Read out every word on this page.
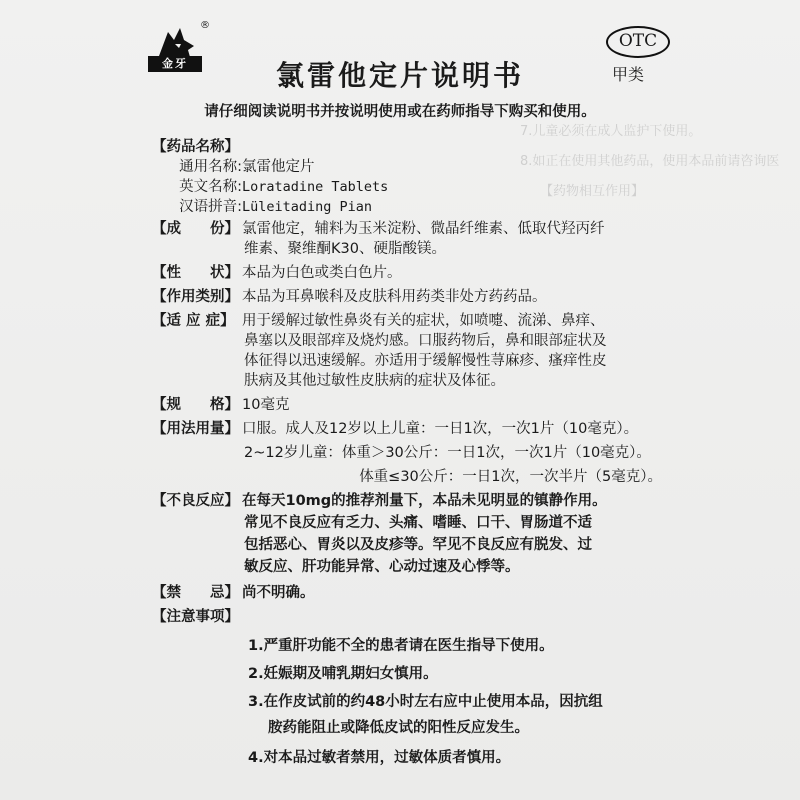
7.儿童必须在成人监护下使用。
8.如正在使用其他药品，使用本品前请咨询医
【药物相互作用】
金牙
®
OTC
甲类
氯雷他定片说明书
请仔细阅读说明书并按说明使用或在药师指导下购买和使用。
【药品名称】
通用名称: 氯雷他定片
英文名称: Loratadine Tablets
汉语拼音: Lüleitading Pian
【成　　份】 氯雷他定，辅料为玉米淀粉、微晶纤维素、低取代羟丙纤
维素、聚维酮K30、硬脂酸镁。
【性　　状】 本品为白色或类白色片。
【作用类别】 本品为耳鼻喉科及皮肤科用药类非处方药药品。
【适 应 症】 用于缓解过敏性鼻炎有关的症状，如喷嚏、流涕、鼻痒、
鼻塞以及眼部痒及烧灼感。口服药物后，鼻和眼部症状及
体征得以迅速缓解。亦适用于缓解慢性荨麻疹、瘙痒性皮
肤病及其他过敏性皮肤病的症状及体征。
【规　　格】 10毫克
【用法用量】 口服。成人及12岁以上儿童：一日1次，一次1片（10毫克）。
2~12岁儿童：体重＞30公斤：一日1次，一次1片（10毫克）。
体重≤30公斤：一日1次，一次半片（5毫克）。
【不良反应】 在每天10mg的推荐剂量下，本品未见明显的镇静作用。
常见不良反应有乏力、头痛、嗜睡、口干、胃肠道不适
包括恶心、胃炎以及皮疹等。罕见不良反应有脱发、过
敏反应、肝功能异常、心动过速及心悸等。
【禁　　忌】 尚不明确。
【注意事项】
1.严重肝功能不全的患者请在医生指导下使用。
2.妊娠期及哺乳期妇女慎用。
3.在作皮试前的约48小时左右应中止使用本品，因抗组
胺药能阻止或降低皮试的阳性反应发生。
4.对本品过敏者禁用，过敏体质者慎用。
